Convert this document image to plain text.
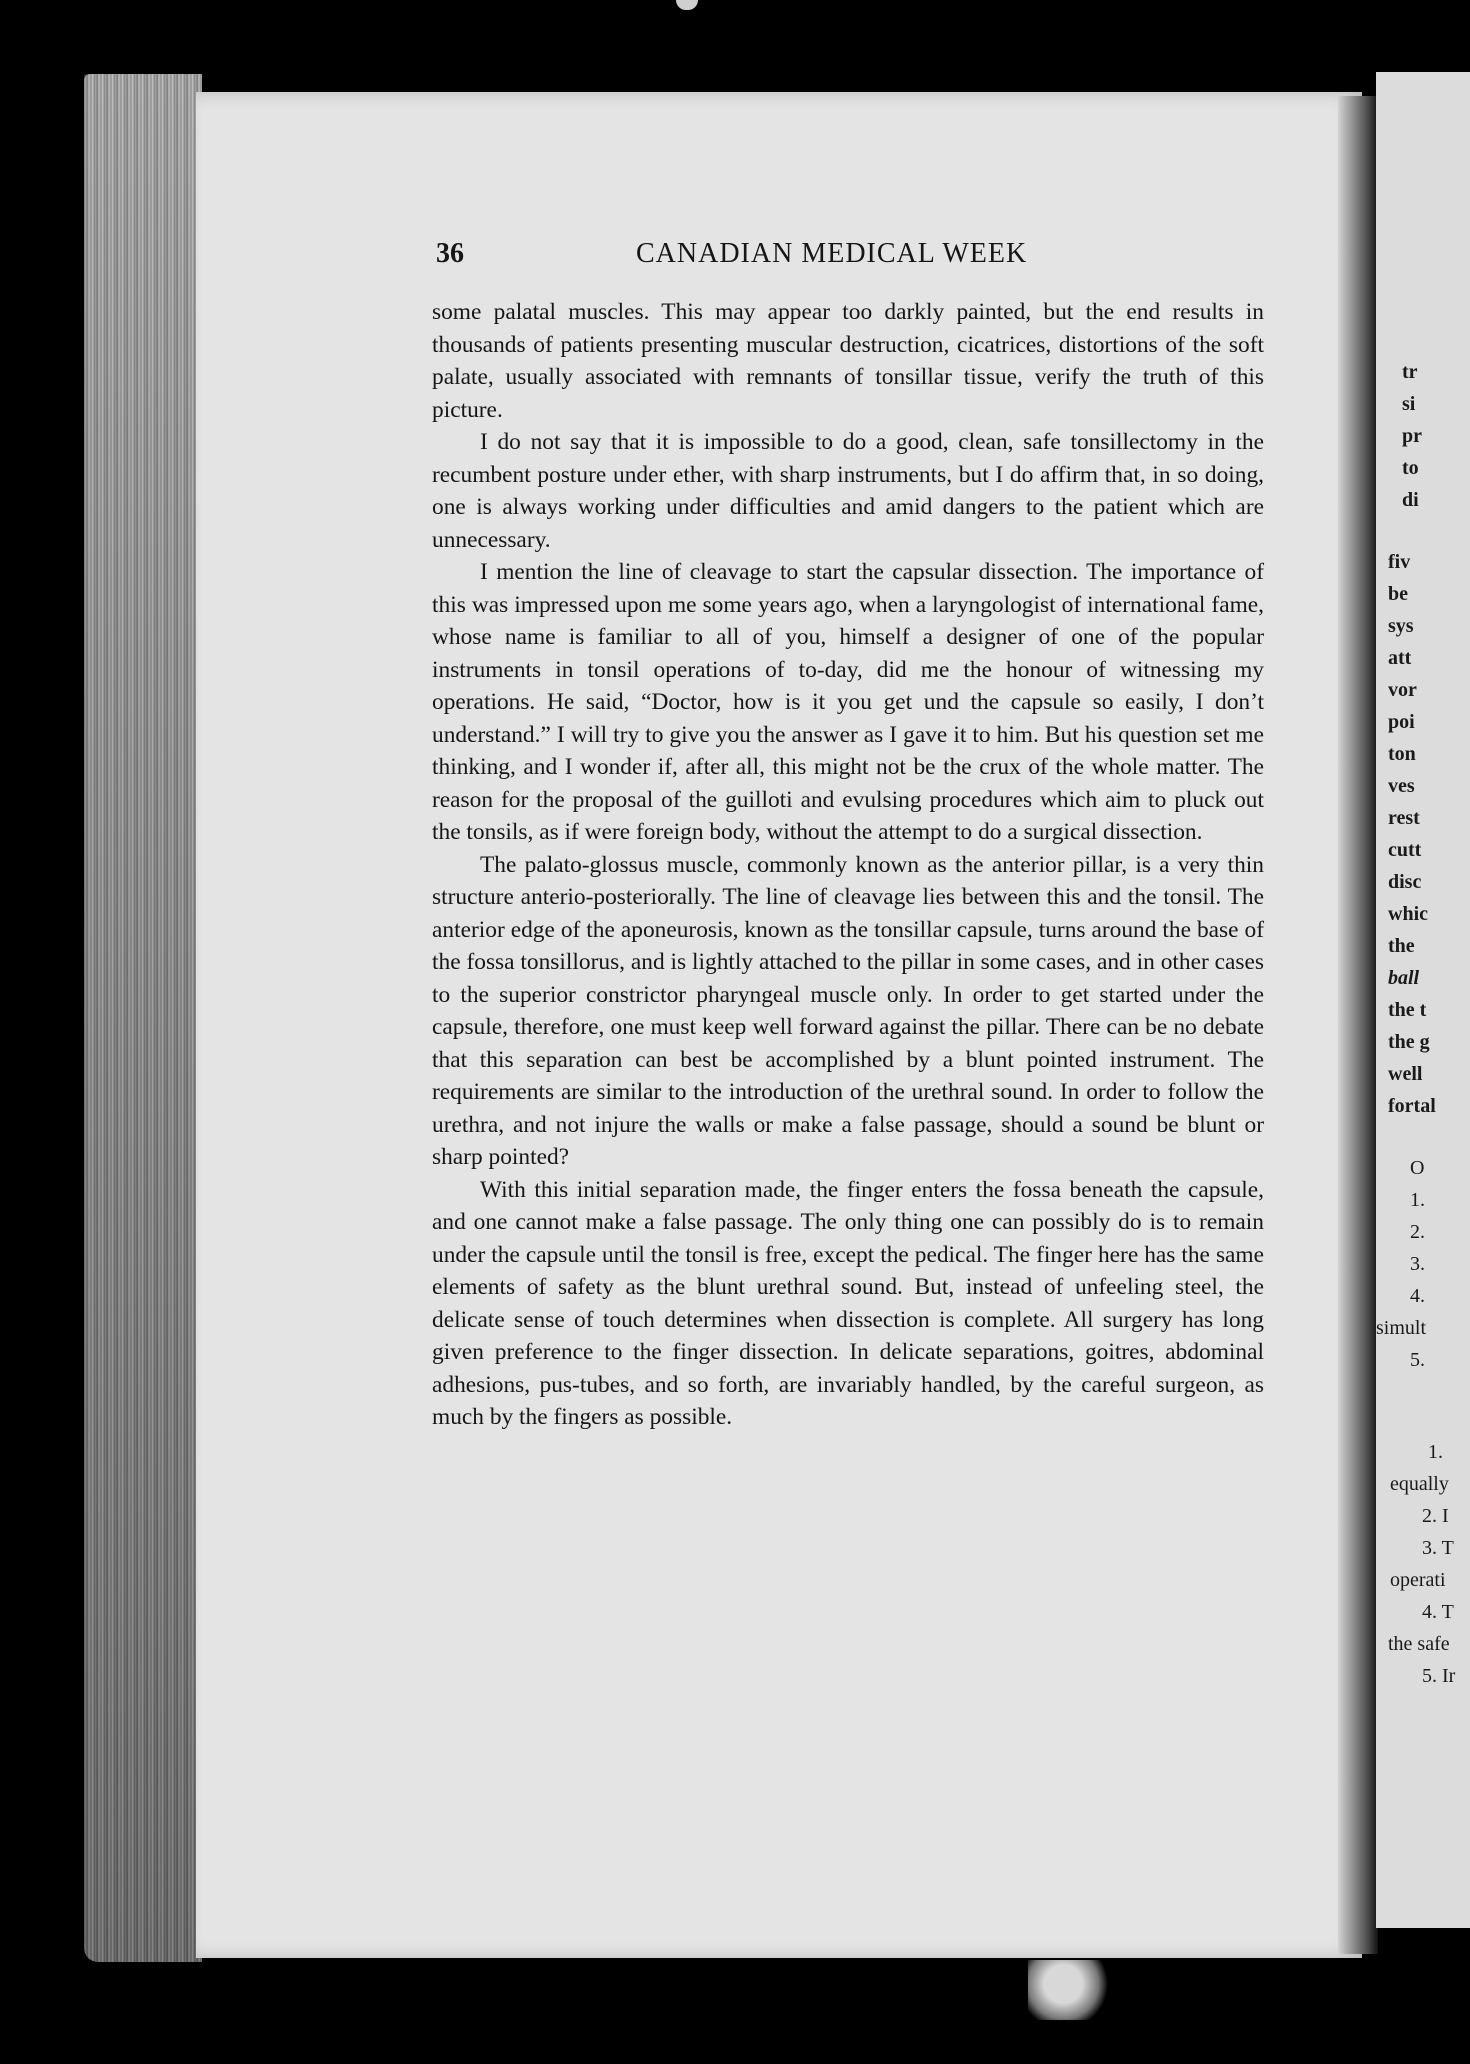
36	CANADIAN MEDICAL WEEK

some palatal muscles. This may appear too darkly painted, but the end results in thousands of patients presenting muscular destruction, cicatrices, distortions of the soft palate, usually associated with remnants of tonsillar tissue, verify the truth of this picture.

I do not say that it is impossible to do a good, clean, safe tonsillectomy in the recumbent posture under ether, with sharp instruments, but I do affirm that, in so doing, one is always working under difficulties and amid dangers to the patient which are unnecessary.

I mention the line of cleavage to start the capsular dissection. The importance of this was impressed upon me some years ago, when a laryngologist of international fame, whose name is familiar to all of you, himself a designer of one of the popular instruments in tonsil operations of to-day, did me the honour of witnessing my operations. He said, “Doctor, how is it you get und the capsule so easily, I don’t understand.” I will try to give you the answer as I gave it to him. But his question set me thinking, and I wonder if, after all, this might not be the crux of the whole matter. The reason for the proposal of the guilloti and evulsing procedures which aim to pluck out the tonsils, as if were foreign body, without the attempt to do a surgical dissection.

The palato-glossus muscle, commonly known as the anterior pillar, is a very thin structure anterio-posteriorally. The line of cleavage lies between this and the tonsil. The anterior edge of the aponeurosis, known as the tonsillar capsule, turns around the base of the fossa tonsillorus, and is lightly attached to the pillar in some cases, and in other cases to the superior constrictor pharyngeal muscle only. In order to get started under the capsule, therefore, one must keep well forward against the pillar. There can be no debate that this separation can best be accomplished by a blunt pointed instrument. The requirements are similar to the introduction of the urethral sound. In order to follow the urethra, and not injure the walls or make a false passage, should a sound be blunt or sharp pointed?

With this initial separation made, the finger enters the fossa beneath the capsule, and one cannot make a false passage. The only thing one can possibly do is to remain under the capsule until the tonsil is free, except the pedical. The finger here has the same elements of safety as the blunt urethral sound. But, instead of unfeeling steel, the delicate sense of touch determines when dissection is complete. All surgery has long given preference to the finger dissection. In delicate separations, goitres, abdominal adhesions, pus-tubes, and so forth, are invariably handled, by the careful surgeon, as much by the fingers as possible.

tr
si
pr
to
di
fiv
be
sys
att
vor
poi
ton
ves
rest
cutt
disc
whic
the
ball
the t
the g
well
fortal
O
1.
2.
3.
4.
simult
5.
1.
equally
2. I
3. T
operati
4. T
the safe
5. Ir
